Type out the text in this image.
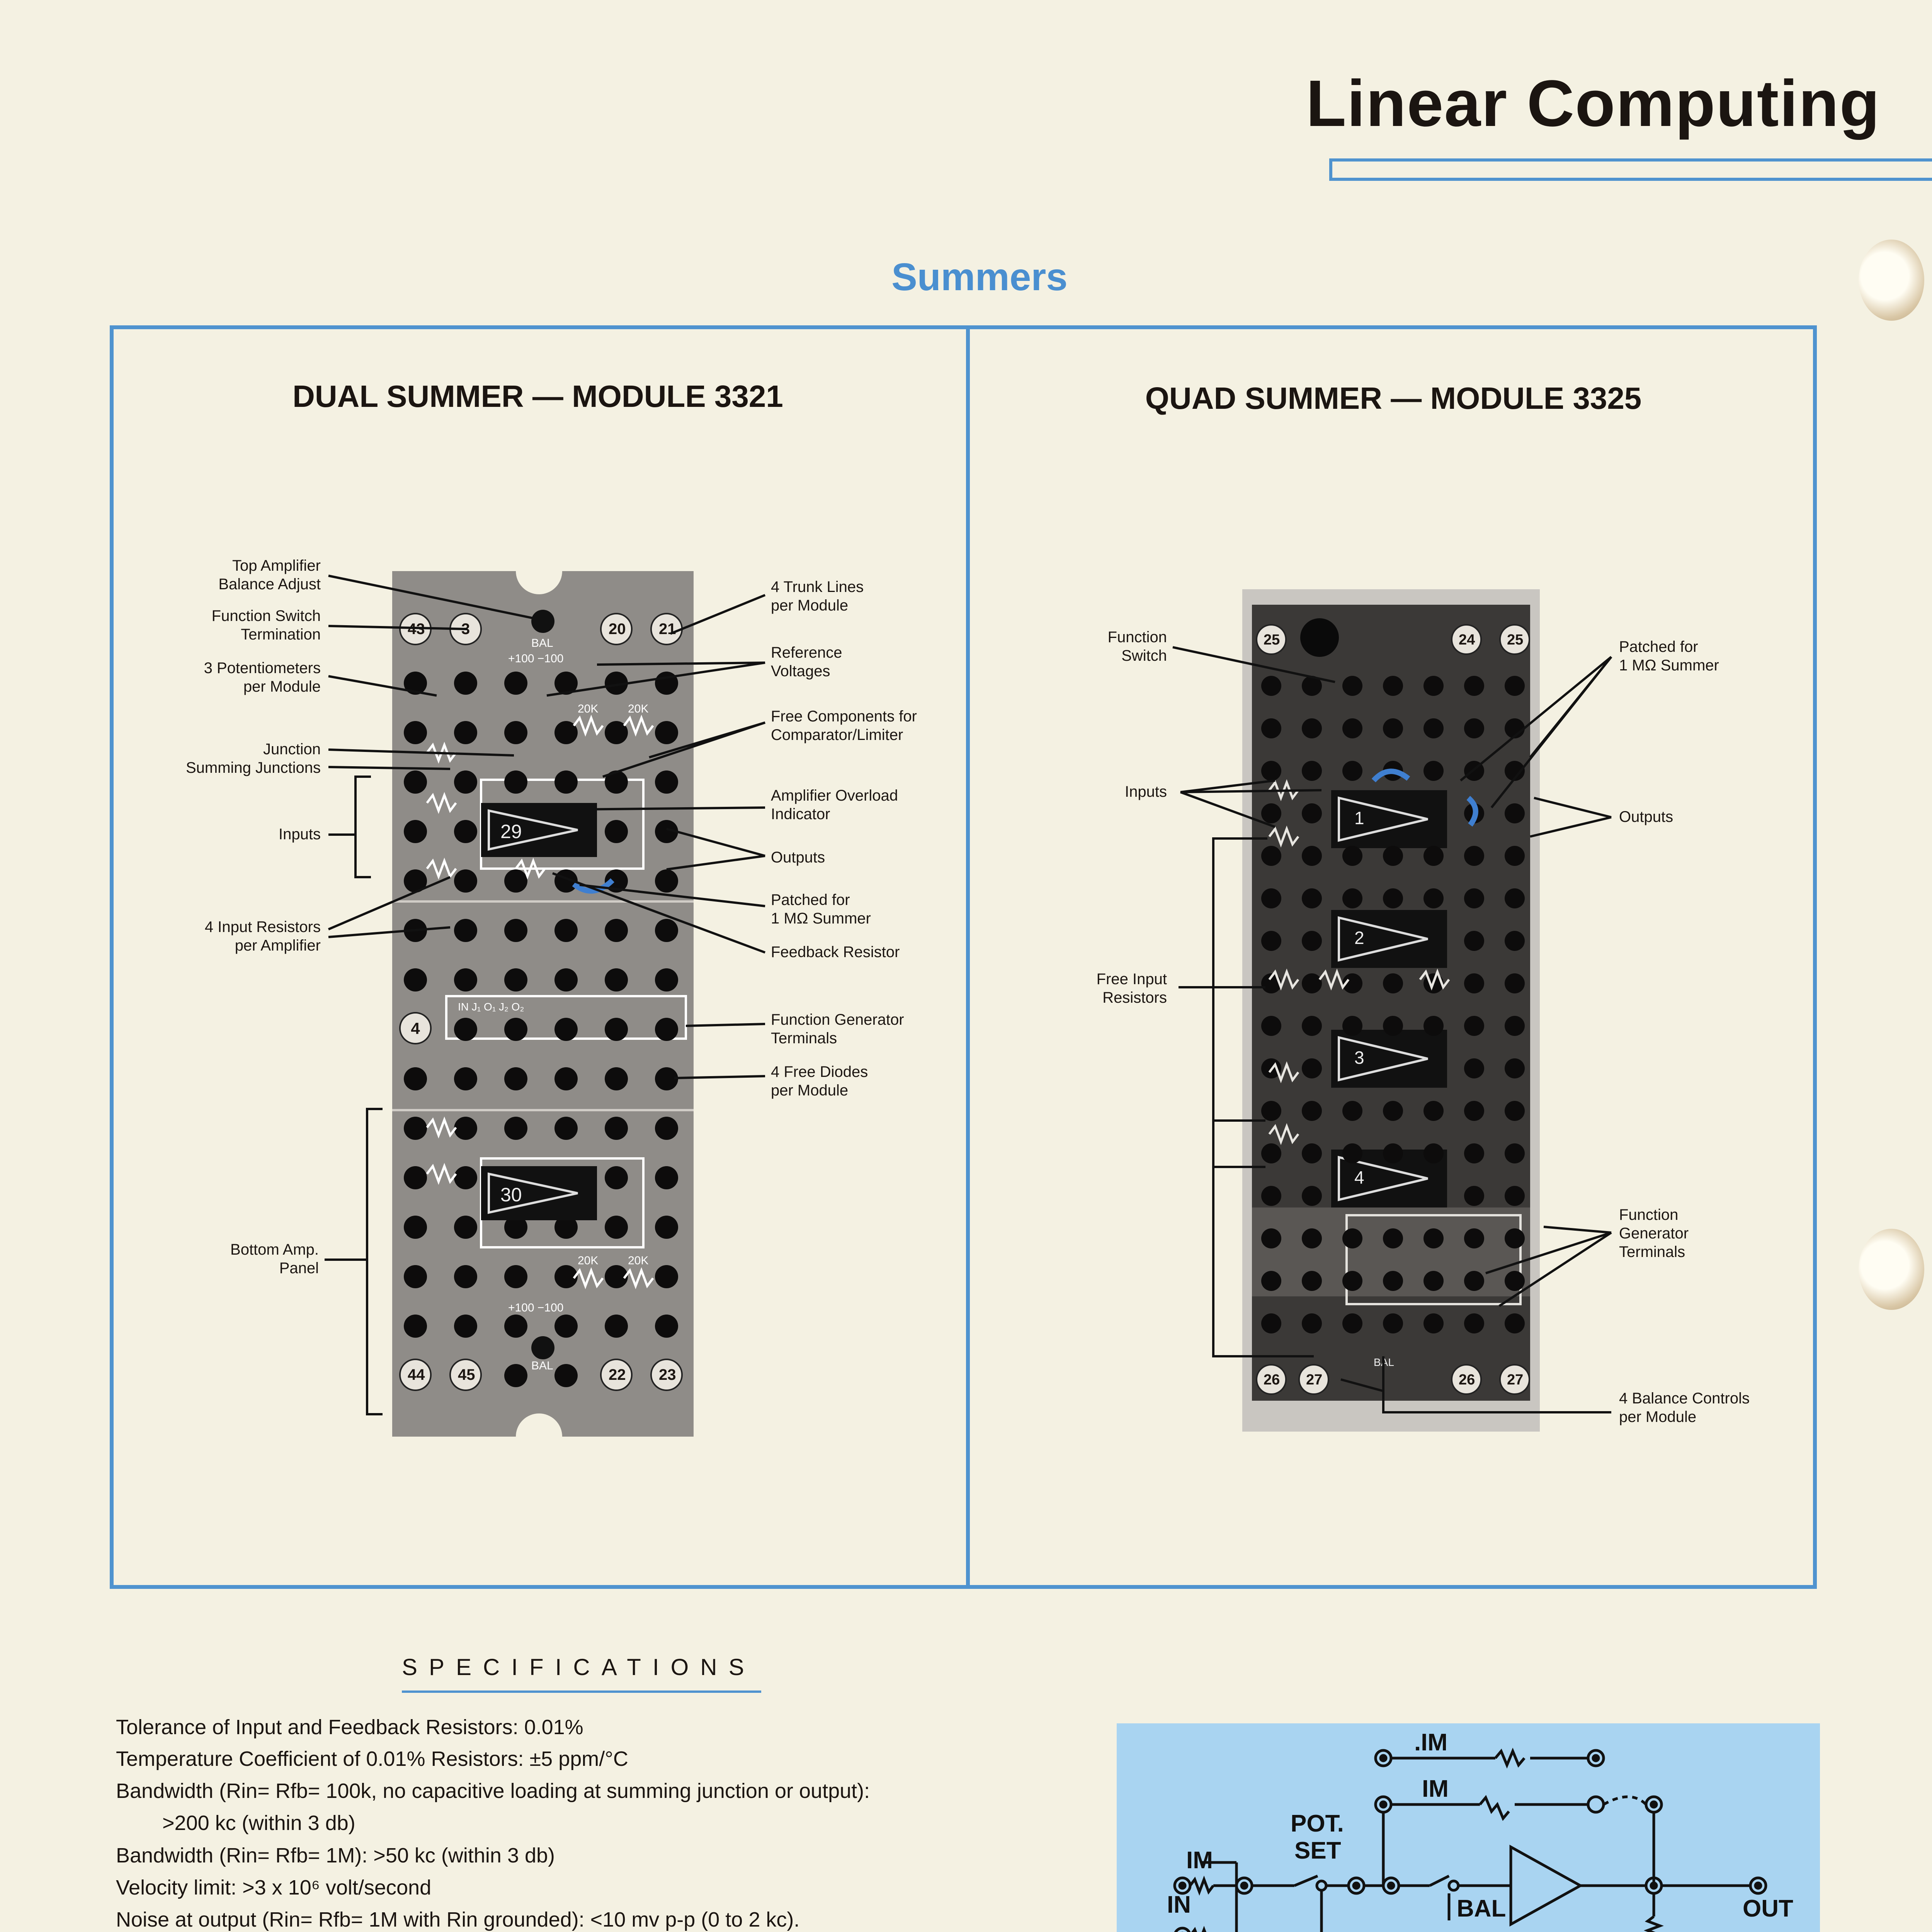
Linear Computing
Summers
DUAL SUMMER — MODULE 3321
43 3	20 21
BAL
+100 −100
20K	20K
29
4
IN J₁ O₁ J₂ O₂
30
20K	20K
+100 −100
BAL
44 45	22 23
Top Amplifier
Balance Adjust
Function Switch
Termination
3 Potentiometers
per Module
Junction
Summing Junctions
Inputs
4 Input Resistors
per Amplifier
Bottom Amp.
Panel
4 Trunk Lines
per Module
Reference
Voltages
Free Components for
Comparator/Limiter
Amplifier Overload
Indicator
Outputs
Patched for
1 MΩ Summer
Feedback Resistor
Function Generator
Terminals
4 Free Diodes
per Module
QUAD SUMMER — MODULE 3325
25	24 25
1
2
3
4
BAL
26 27	26 27
Function
Switch
Inputs
Free Input
Resistors
Patched for
1 MΩ Summer
Outputs
Function
Generator
Terminals
4 Balance Controls
per Module
SPECIFICATIONS
Tolerance of Input and Feedback Resistors: 0.01%
Temperature Coefficient of 0.01% Resistors: ±5 ppm/°C
Bandwidth (Rin= Rfb= 100k, no capacitive loading at summing junction or output):
>200 kc (within 3 db)
Bandwidth (Rin= Rfb= 1M): >50 kc (within 3 db)
Velocity limit: >3 x 10⁶ volt/second
Noise at output (Rin= Rfb= 1M with Rin grounded): <10 mv p-p (0 to 2 kc).
.IM
IM
POT. SET
IM
IN	BAL	OUT
